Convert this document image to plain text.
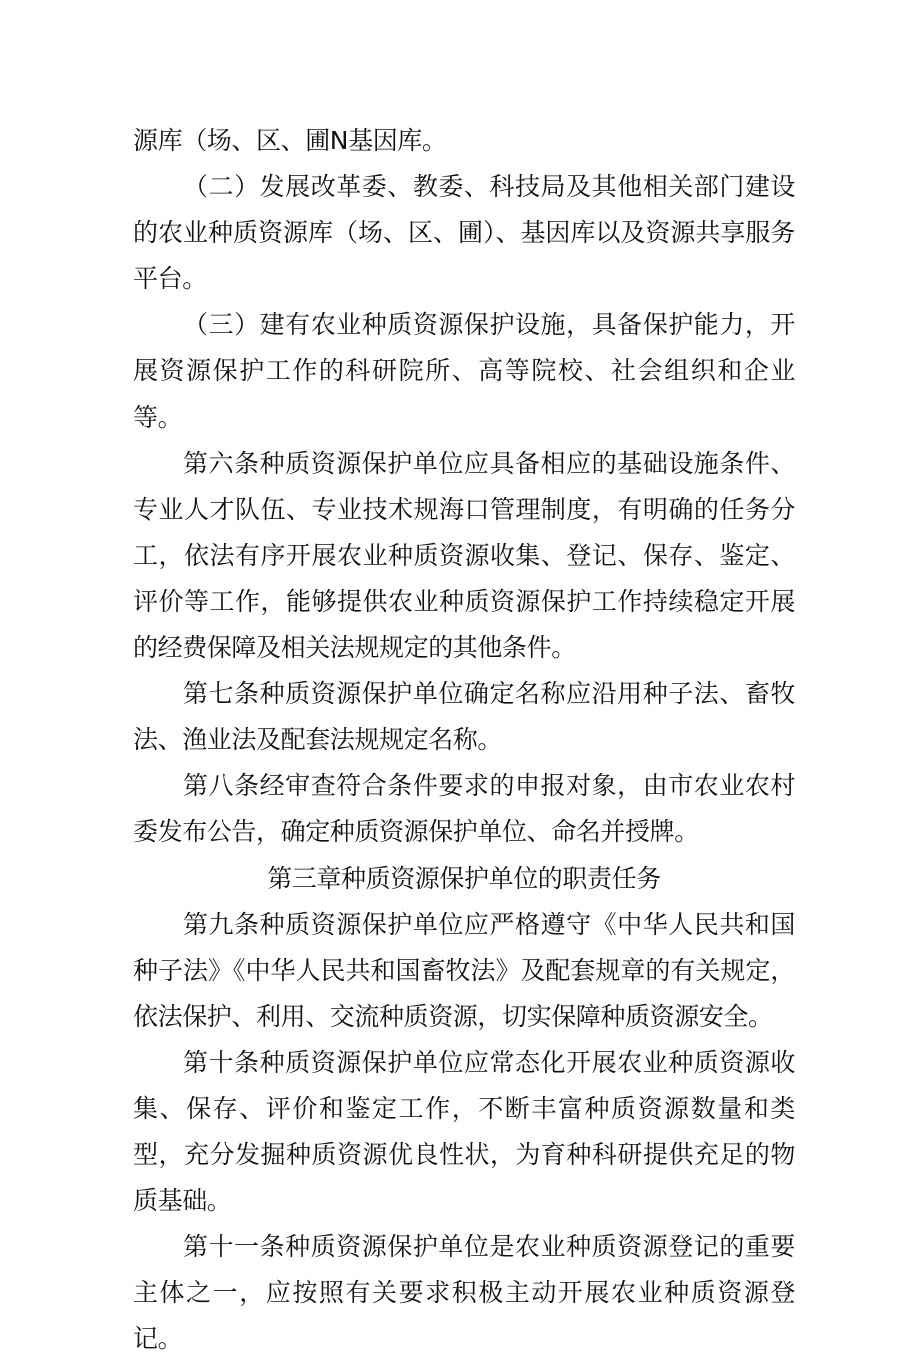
源库（场、区、圃N基因库。

（二）发展改革委、教委、科技局及其他相关部门建设的农业种质资源库（场、区、圃）、基因库以及资源共享服务平台。

（三）建有农业种质资源保护设施，具备保护能力，开展资源保护工作的科研院所、高等院校、社会组织和企业等。

第六条种质资源保护单位应具备相应的基础设施条件、专业人才队伍、专业技术规海口管理制度，有明确的任务分工，依法有序开展农业种质资源收集、登记、保存、鉴定、评价等工作，能够提供农业种质资源保护工作持续稳定开展的经费保障及相关法规规定的其他条件。

第七条种质资源保护单位确定名称应沿用种子法、畜牧法、渔业法及配套法规规定名称。

第八条经审查符合条件要求的申报对象，由市农业农村委发布公告，确定种质资源保护单位、命名并授牌。

第三章种质资源保护单位的职责任务

第九条种质资源保护单位应严格遵守《中华人民共和国种子法》《中华人民共和国畜牧法》及配套规章的有关规定，依法保护、利用、交流种质资源，切实保障种质资源安全。

第十条种质资源保护单位应常态化开展农业种质资源收集、保存、评价和鉴定工作，不断丰富种质资源数量和类型，充分发掘种质资源优良性状，为育种科研提供充足的物质基础。

第十一条种质资源保护单位是农业种质资源登记的重要主体之一，应按照有关要求积极主动开展农业种质资源登记。
